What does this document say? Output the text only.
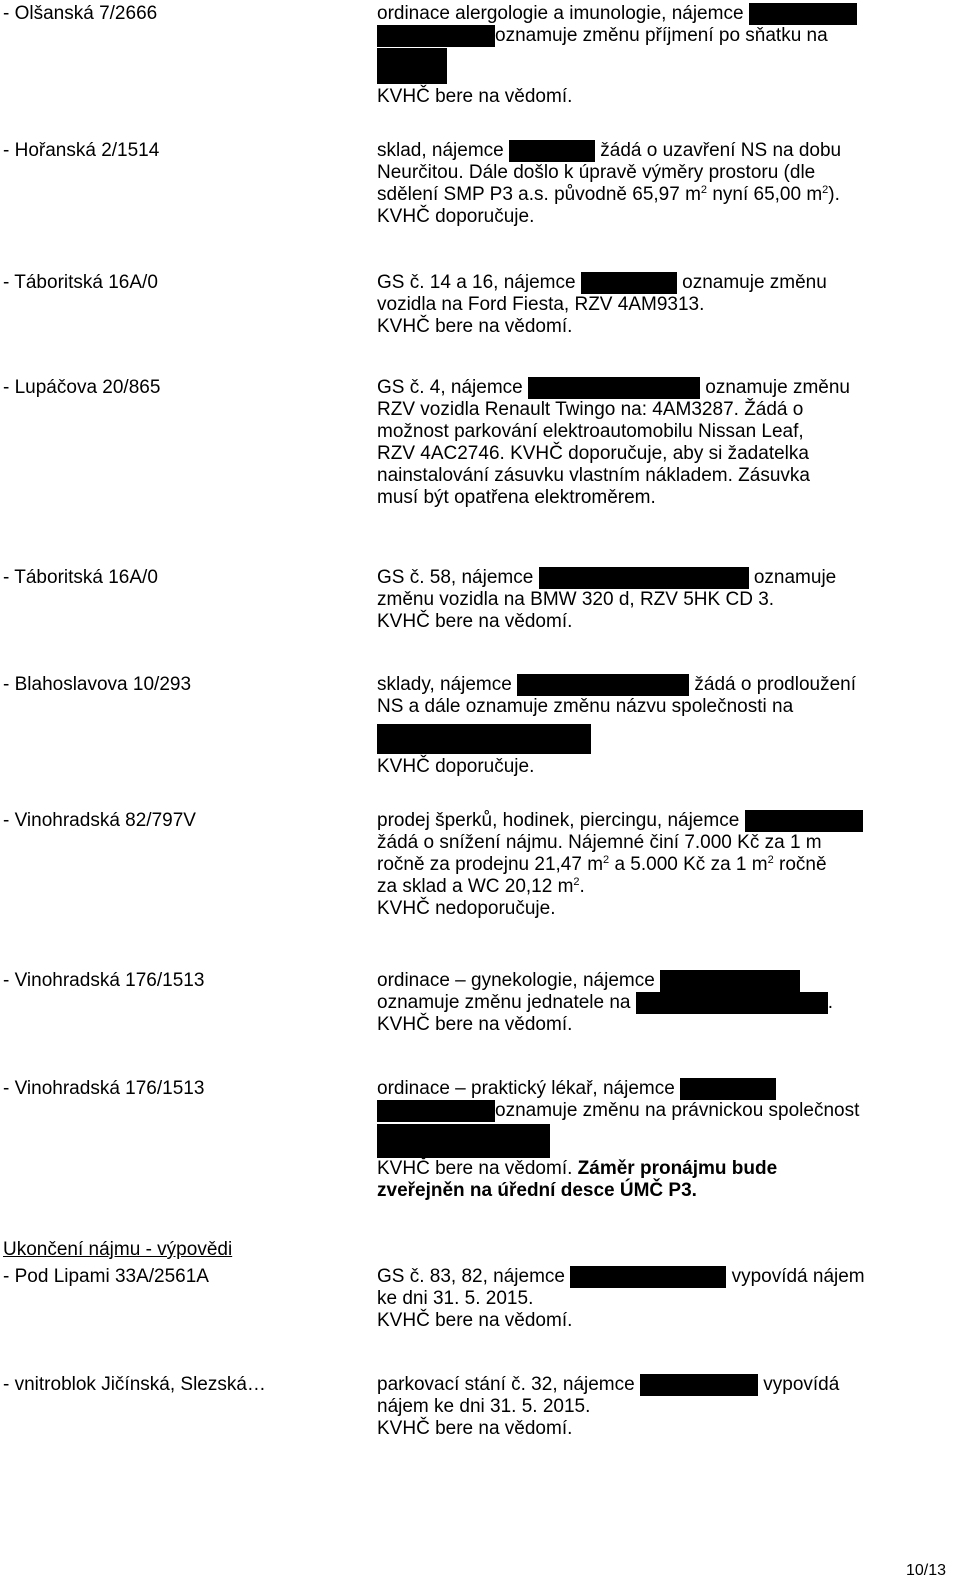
- Olšanská 7/2666	ordinace alergologie a imunologie, nájemce
oznamuje změnu příjmení po sňatku na
KVHČ bere na vědomí.
- Hořanská 2/1514	sklad, nájemce	žádá o uzavření NS na dobu
Neurčitou. Dále došlo k úpravě výměry prostoru (dle
sdělení SMP P3 a.s. původně 65,97 $m^2$ nyní 65,00 $m^2$).
KVHČ doporučuje.
- Táboritská 16A/0	GS č. 14 a 16, nájemce	oznamuje změnu
vozidla na Ford Fiesta, RZV 4AM9313.
KVHČ bere na vědomí.
- Lupáčova 20/865	GS č. 4, nájemce	oznamuje změnu
RZV vozidla Renault Twingo na: 4AM3287. Žádá o
možnost parkování elektroautomobilu Nissan Leaf,
RZV 4AC2746. KVHČ doporučuje, aby si žadatelka
nainstalování zásuvku vlastním nákladem. Zásuvka
musí být opatřena elektroměrem.
- Táboritská 16A/0	GS č. 58, nájemce	oznamuje
změnu vozidla na BMW 320 d, RZV 5HK CD 3.
KVHČ bere na vědomí.
- Blahoslavova 10/293	sklady, nájemce	žádá o prodloužení
NS a dále oznamuje změnu názvu společnosti na
KVHČ doporučuje.
- Vinohradská 82/797V	prodej šperků, hodinek, piercingu, nájemce
žádá o snížení nájmu. Nájemné činí 7.000 Kč za 1 m
ročně za prodejnu 21,47 $m^2$ a 5.000 Kč za 1 $m^2$ ročně
za sklad a WC 20,12 $m^2$.
KVHČ nedoporučuje.
- Vinohradská 176/1513	ordinace – gynekologie, nájemce
oznamuje změnu jednatele na	.
KVHČ bere na vědomí.
- Vinohradská 176/1513	ordinace – praktický lékař, nájemce
oznamuje změnu na právnickou společnost
KVHČ bere na vědomí. Záměr pronájmu bude
zveřejněn na úřední desce ÚMČ P3.
Ukončení nájmu - výpovědi
- Pod Lipami 33A/2561A	GS č. 83, 82, nájemce	vypovídá nájem
ke dni 31. 5. 2015.
KVHČ bere na vědomí.
- vnitroblok Jičínská, Slezská…	parkovací stání č. 32, nájemce	vypovídá
nájem ke dni 31. 5. 2015.
KVHČ bere na vědomí.
10/13
